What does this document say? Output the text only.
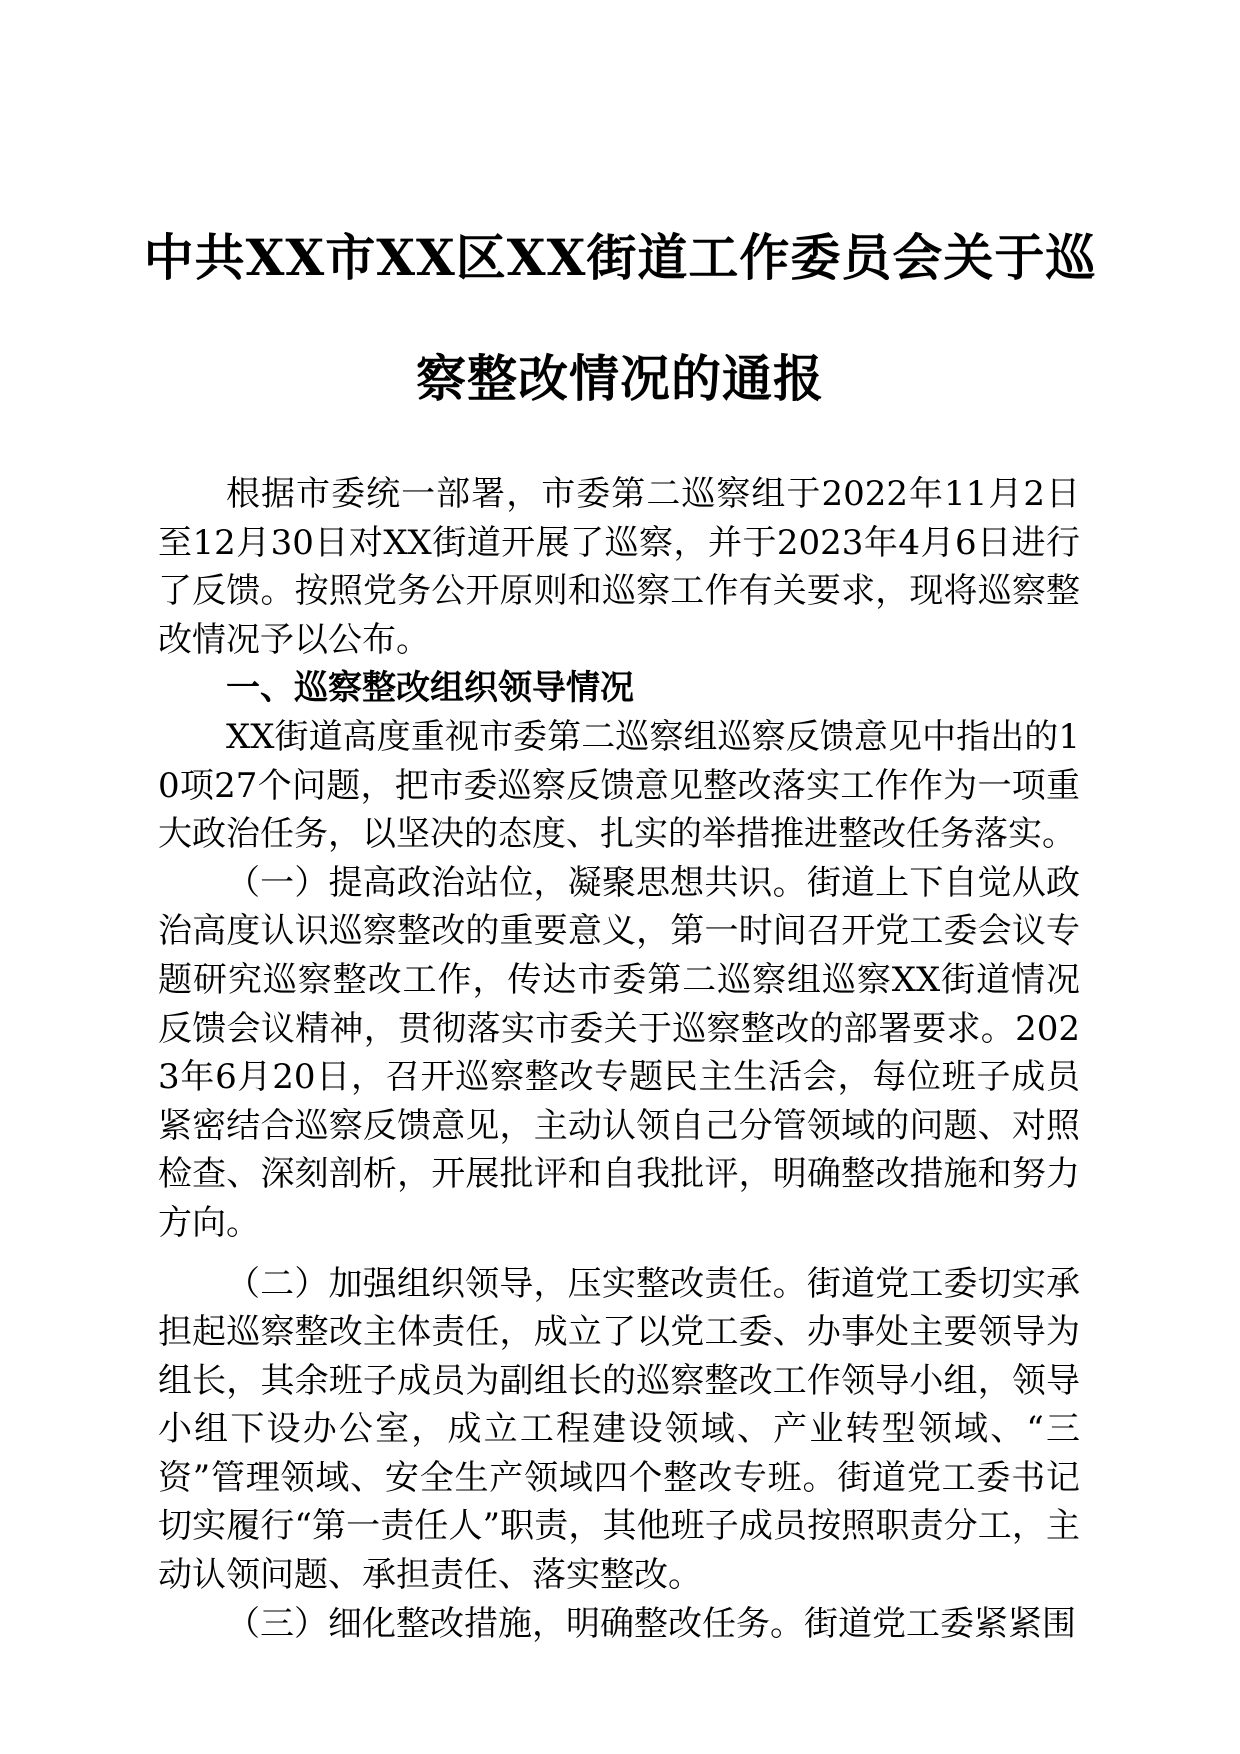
中共XX市XX区XX街道工作委员会关于巡
察整改情况的通报

根据市委统一部署，市委第二巡察组于2022年11月2日至12月30日对XX街道开展了巡察，并于2023年4月6日进行了反馈。按照党务公开原则和巡察工作有关要求，现将巡察整改情况予以公布。

一、巡察整改组织领导情况

XX街道高度重视市委第二巡察组巡察反馈意见中指出的10项27个问题，把市委巡察反馈意见整改落实工作作为一项重大政治任务，以坚决的态度、扎实的举措推进整改任务落实。

（一）提高政治站位，凝聚思想共识。街道上下自觉从政治高度认识巡察整改的重要意义，第一时间召开党工委会议专题研究巡察整改工作，传达市委第二巡察组巡察XX街道情况反馈会议精神，贯彻落实市委关于巡察整改的部署要求。2023年6月20日，召开巡察整改专题民主生活会，每位班子成员紧密结合巡察反馈意见，主动认领自己分管领域的问题、对照检查、深刻剖析，开展批评和自我批评，明确整改措施和努力方向。

（二）加强组织领导，压实整改责任。街道党工委切实承担起巡察整改主体责任，成立了以党工委、办事处主要领导为组长，其余班子成员为副组长的巡察整改工作领导小组，领导小组下设办公室，成立工程建设领域、产业转型领域、“三资”管理领域、安全生产领域四个整改专班。街道党工委书记切实履行“第一责任人”职责，其他班子成员按照职责分工，主动认领问题、承担责任、落实整改。

（三）细化整改措施，明确整改任务。街道党工委紧紧围
